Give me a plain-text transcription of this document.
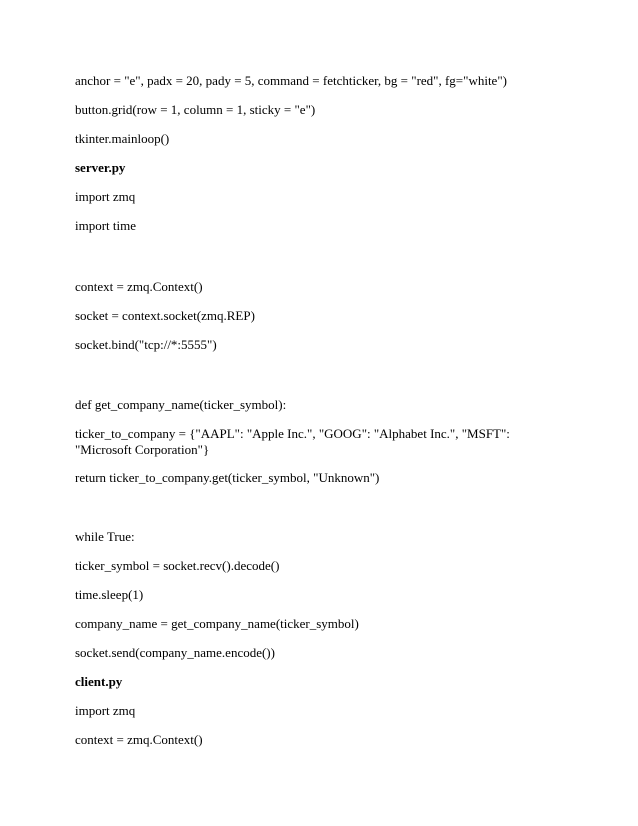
anchor = "e", padx = 20, pady = 5, command = fetchticker, bg = "red", fg="white")

button.grid(row = 1, column = 1, sticky = "e")

tkinter.mainloop()

server.py

import zmq

import time

context = zmq.Context()

socket = context.socket(zmq.REP)

socket.bind("tcp://*:5555")

def get_company_name(ticker_symbol):

ticker_to_company = {"AAPL": "Apple Inc.", "GOOG": "Alphabet Inc.", "MSFT": "Microsoft Corporation"}

return ticker_to_company.get(ticker_symbol, "Unknown")

while True:

ticker_symbol = socket.recv().decode()

time.sleep(1)

company_name = get_company_name(ticker_symbol)

socket.send(company_name.encode())

client.py

import zmq

context = zmq.Context()
